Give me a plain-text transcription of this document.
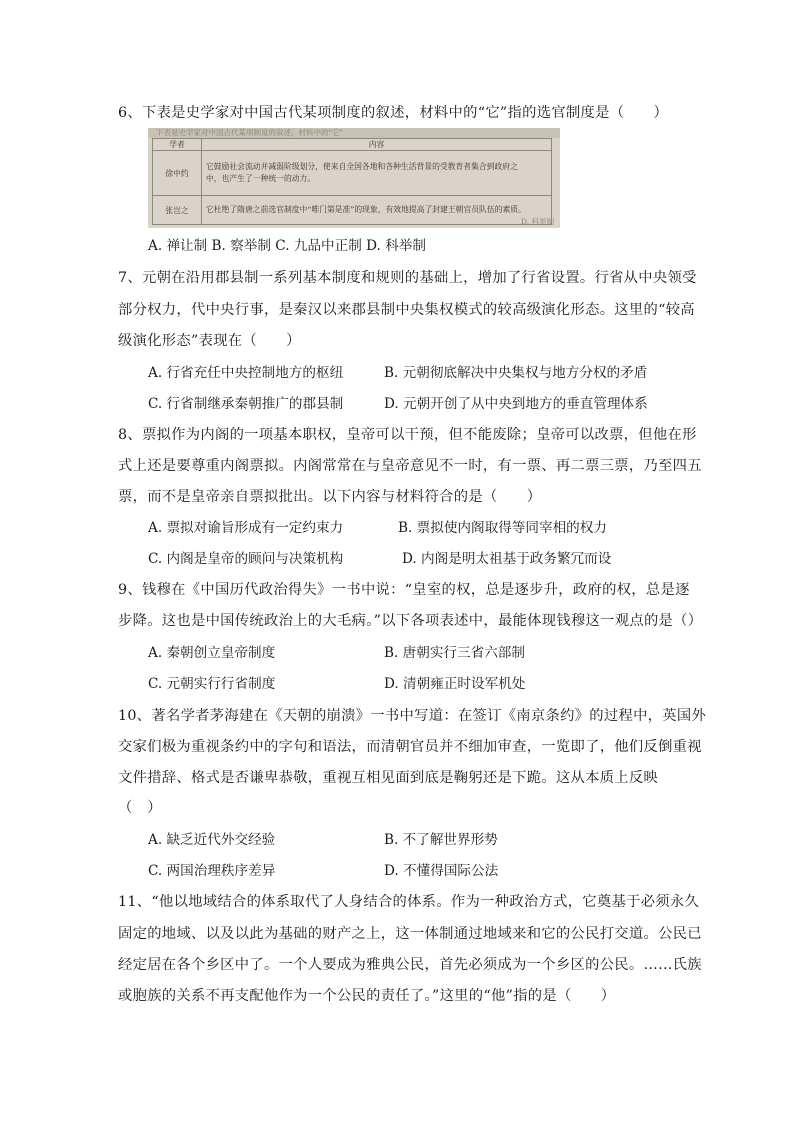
6、下表是史学家对中国古代某项制度的叙述，材料中的“它”指的选官制度是（　　）
下表是史学家对中国古代某项制度的叙述，材料中的"它"
学者	内容
徐中约	它鼓励社会流动并减弱阶级划分，使来自全国各地和各种生活背景的受教育者集合到政府之
中，也产生了一种统一的动力。

张岂之	它杜绝了隋唐之前选官制度中“唯门第是准”的现象，有效地提高了封建王朝官员队伍的素质。
D. 科举制
A. 禅让制 B. 察举制 C. 九品中正制 D. 科举制
7、元朝在沿用郡县制一系列基本制度和规则的基础上，增加了行省设置。行省从中央领受
部分权力，代中央行事，是秦汉以来郡县制中央集权模式的较高级演化形态。这里的“较高
级演化形态”表现在（　　）
A. 行省充任中央控制地方的枢纽	B. 元朝彻底解决中央集权与地方分权的矛盾
C. 行省制继承秦朝推广的郡县制	D. 元朝开创了从中央到地方的垂直管理体系
8、票拟作为内阁的一项基本职权，皇帝可以干预，但不能废除；皇帝可以改票，但他在形
式上还是要尊重内阁票拟。内阁常常在与皇帝意见不一时，有一票、再二票三票，乃至四五
票，而不是皇帝亲自票拟批出。以下内容与材料符合的是（　　）
A. 票拟对谕旨形成有一定约束力	B. 票拟使内阁取得等同宰相的权力
C. 内阁是皇帝的顾问与决策机构	D. 内阁是明太祖基于政务繁冗而设
9、钱穆在《中国历代政治得失》一书中说：“皇室的权，总是逐步升，政府的权，总是逐
步降。这也是中国传统政治上的大毛病。”以下各项表述中，最能体现钱穆这一观点的是（）
A. 秦朝创立皇帝制度	B. 唐朝实行三省六部制
C. 元朝实行行省制度	D. 清朝雍正时设军机处
10、著名学者茅海建在《天朝的崩溃》一书中写道：在签订《南京条约》的过程中，英国外
交家们极为重视条约中的字句和语法，而清朝官员并不细加审查，一览即了，他们反倒重视
文件措辞、格式是否谦卑恭敬，重视互相见面到底是鞠躬还是下跪。这从本质上反映
（　）
A. 缺乏近代外交经验	B. 不了解世界形势
C. 两国治理秩序差异	D. 不懂得国际公法
11、“他以地域结合的体系取代了人身结合的体系。作为一种政治方式，它奠基于必须永久
固定的地域、以及以此为基础的财产之上，这一体制通过地域来和它的公民打交道。公民已
经定居在各个乡区中了。一个人要成为雅典公民，首先必须成为一个乡区的公民。……氏族
或胞族的关系不再支配他作为一个公民的责任了。”这里的“他”指的是（　　）
